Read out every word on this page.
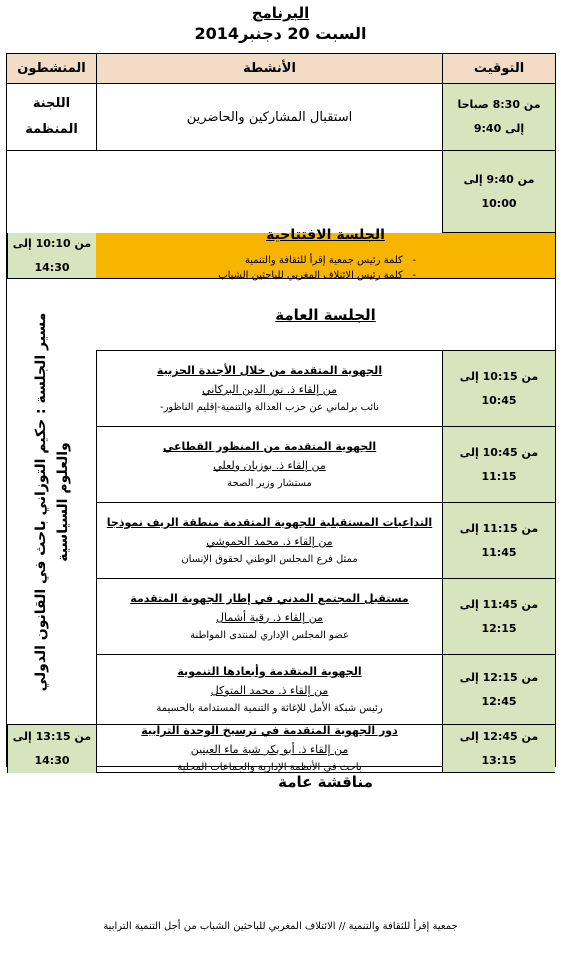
البرنامج
السبت 20 دجنبر2014
التوقيت
الأنشطة
المنشطون
من 8:30 صباحا إلى 9:40
استقبال المشاركين والحاضرين
اللجنة المنظمة
من 9:40 إلى 10:00
الجلسة الافتتاحية
- كلمة رئيس جمعية إقرأ للثقافة والتنمية
- كلمة رئيس الائتلاف المغربي للباحثين الشباب
من 10:10 إلى 14:30
الجلسة العامة
من 10:15 إلى 10:45
الجهوية المتقدمة من خلال الأجندة الحزبية
من إلقاء ذ. نور الدين البركاني
نائب برلماني عن حزب العدالة والتنمية-إقليم الناظور-
مسير الجلسة : حكيم التوزاني باحث في القانون الدولي والعلوم السياسية	من 10:45 إلى 11:15
الجهوية المتقدمة من المنظور القطاعي
من إلقاء ذ. بوزيان ولعلي
مستشار وزير الصحة
من 11:15 إلى 11:45
التداعيات المستقبلية للجهوية المتقدمة منطقة الريف نموذجا
من إلقاء ذ. محمد الحموشي
ممثل فرع المجلس الوطني لحقوق الإنسان
من 11:45 إلى 12:15
مستقبل المجتمع المدني في إطار الجهوية المتقدمة
من إلقاء ذ. رقية أشمال
عضو المجلس الإداري لمنتدى المواطنة
من 12:15 إلى 12:45
الجهوية المتقدمة وأبعادها التنموية
من إلقاء ذ. محمد المتوكل
رئيس شبكة الأمل للإغاثة و التنمية المستدامة بالحسيمة
من 12:45 إلى 13:15
دور الجهوية المتقدمة في ترسيخ الوحدة الترابية
من إلقاء ذ. أبو بكر شبة ماء العينين
باحث في الأنظمة الإدارية والجماعات المحلية
من 13:15 إلى 14:30
مناقشة عامة
جمعية إقرأ للثقافة والتنمية // الائتلاف المغربي للباحثين الشباب من أجل التنمية الترابية
